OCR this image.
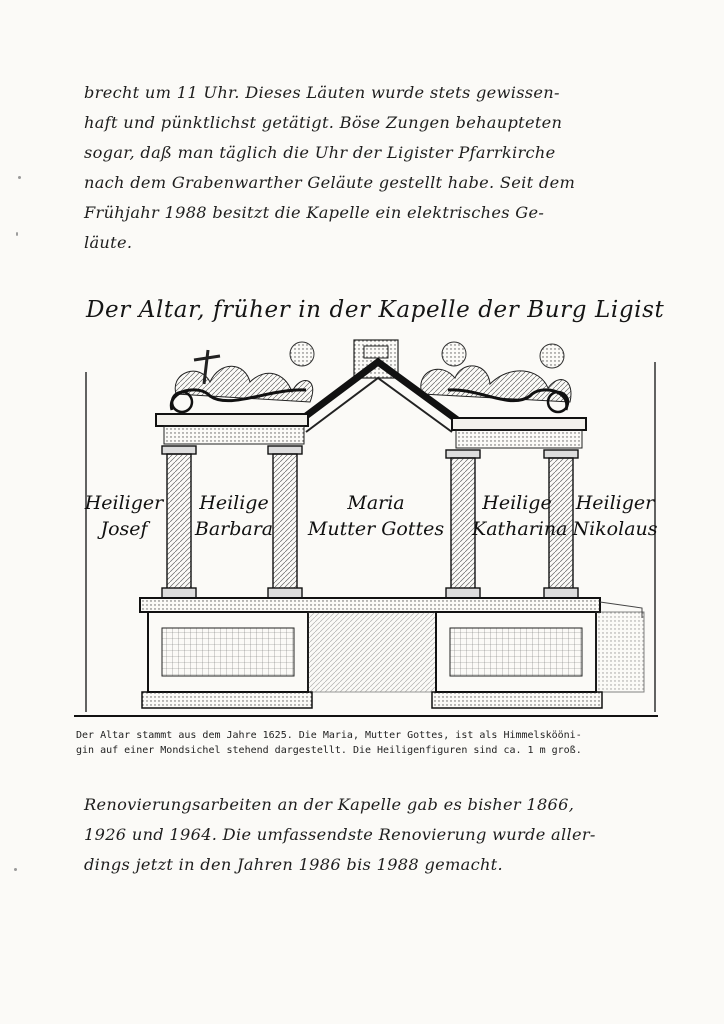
brecht um 11 Uhr. Dieses Läuten wurde stets gewissen-
haft und pünktlichst getätigt. Böse Zungen behaupteten
sogar, daß man täglich die Uhr der Ligister Pfarrkirche
nach dem Grabenwarther Geläute gestellt habe. Seit dem
Frühjahr 1988 besitzt die Kapelle ein elektrisches Ge-
läute.
Der Altar, früher in der Kapelle der Burg Ligist
Heiliger
Josef
Heilige
Barbara
Maria
Mutter Gottes
Heilige
Katharina
Heiliger
Nikolaus
Der Altar stammt aus dem Jahre 1625. Die Maria, Mutter Gottes, ist als Himmelskööni-
gin auf einer Mondsichel stehend dargestellt. Die Heiligenfiguren sind ca. 1 m groß.
Renovierungsarbeiten an der Kapelle gab es bisher 1866,
1926 und 1964. Die umfassendste Renovierung wurde aller-
dings jetzt in den Jahren 1986 bis 1988 gemacht.
